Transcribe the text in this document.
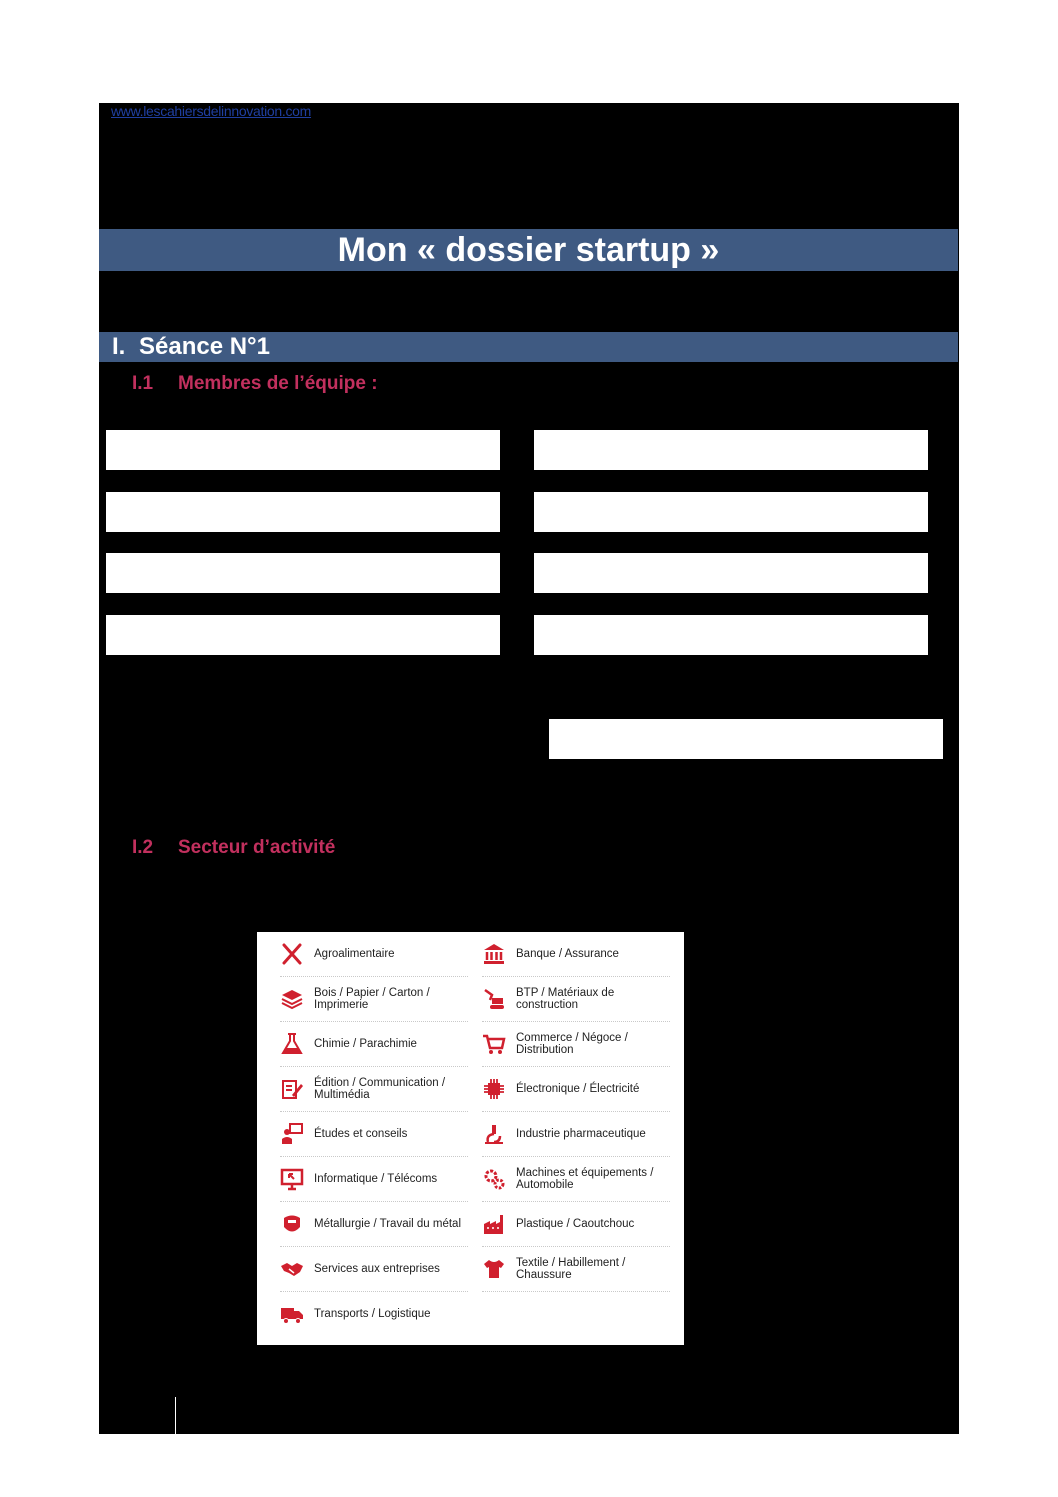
www.lescahiersdelinnovation.com
Mon « dossier startup »
I. Séance N°1
I.1 Membres de l’équipe :
I.2 Secteur d’activité
Agroalimentaire
Bois / Papier / Carton / Imprimerie
Chimie / Parachimie
Édition / Communication / Multimédia
Études et conseils
Informatique / Télécoms
Métallurgie / Travail du métal
Services aux entreprises
Transports / Logistique
Banque / Assurance
BTP / Matériaux de construction
Commerce / Négoce / Distribution
Électronique / Électricité
Industrie pharmaceutique
Machines et équipements / Automobile
Plastique / Caoutchouc
Textile / Habillement / Chaussure
